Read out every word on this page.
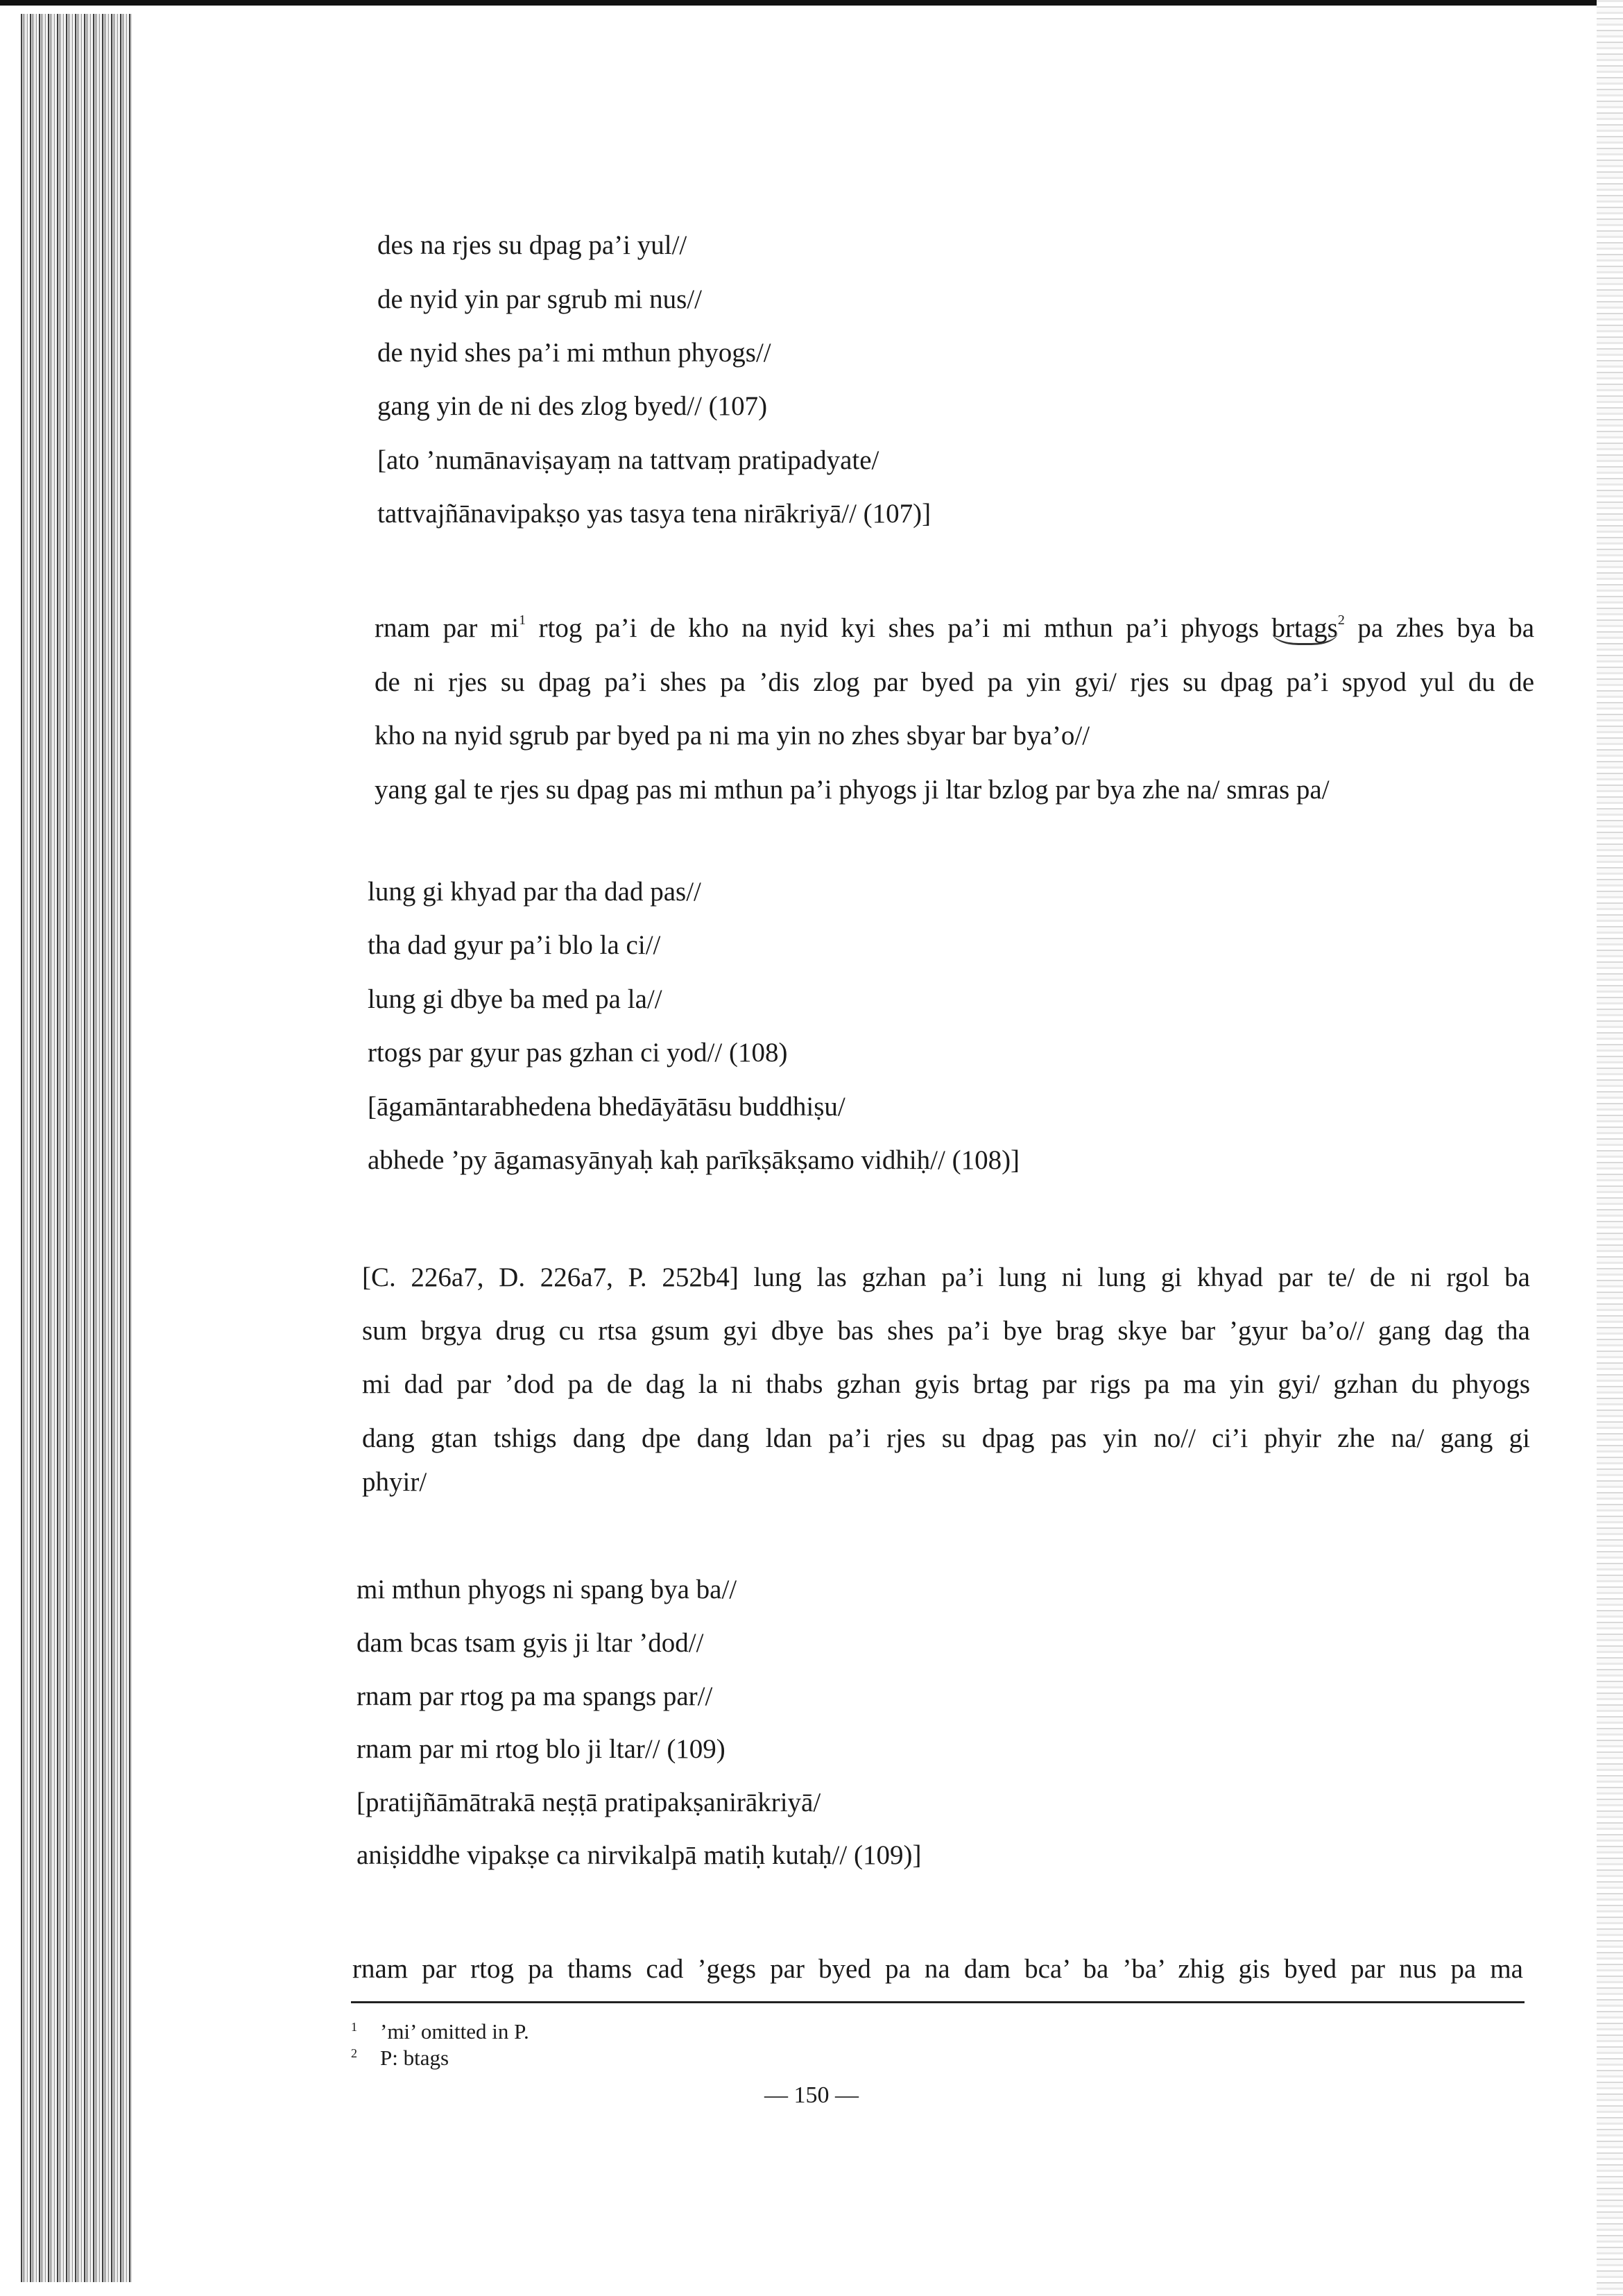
des na rjes su dpag pa’i yul//

de nyid yin par sgrub mi nus//

de nyid shes pa’i mi mthun phyogs//

gang yin de ni des zlog byed// (107)

[ato ’numānaviṣayaṃ na tattvaṃ pratipadyate/

tattvajñānavipakṣo yas tasya tena nirākriyā// (107)]

rnam par $mi^1$ rtog pa’i de kho na nyid kyi shes pa’i mi mthun pa’i phyogs brtags$^2$ pa zhes bya ba

de ni rjes su dpag pa’i shes pa ’dis zlog par byed pa yin gyi/ rjes su dpag pa’i spyod yul du de

kho na nyid sgrub par byed pa ni ma yin no zhes sbyar bar bya’o//

yang gal te rjes su dpag pas mi mthun pa’i phyogs ji ltar bzlog par bya zhe na/ smras pa/

lung gi khyad par tha dad pas//

tha dad gyur pa’i blo la ci//

lung gi dbye ba med pa la//

rtogs par gyur pas gzhan ci yod// (108)

[āgamāntarabhedena bhedāyātāsu buddhiṣu/

abhede ’py āgamasyānyaḥ kaḥ parīkṣākṣamo vidhiḥ// (108)]

[C. 226a7, D. 226a7, P. 252b4] lung las gzhan pa’i lung ni lung gi khyad par te/ de ni rgol ba

sum brgya drug cu rtsa gsum gyi dbye bas shes pa’i bye brag skye bar ’gyur ba’o// gang dag tha

mi dad par ’dod pa de dag la ni thabs gzhan gyis brtag par rigs pa ma yin gyi/ gzhan du phyogs

dang gtan tshigs dang dpe dang ldan pa’i rjes su dpag pas yin no// ci’i phyir zhe na/ gang gi

phyir/

mi mthun phyogs ni spang bya ba//

dam bcas tsam gyis ji ltar ’dod//

rnam par rtog pa ma spangs par//

rnam par mi rtog blo ji ltar// (109)

[pratijñāmātrakā neṣṭā pratipakṣanirākriyā/

aniṣiddhe vipakṣe ca nirvikalpā matiḥ kutaḥ// (109)]

rnam par rtog pa thams cad ’gegs par byed pa na dam bca’ ba ’ba’ zhig gis byed par nus pa ma

1 ’mi’ omitted in P.
2 P: btags
— 150 —
